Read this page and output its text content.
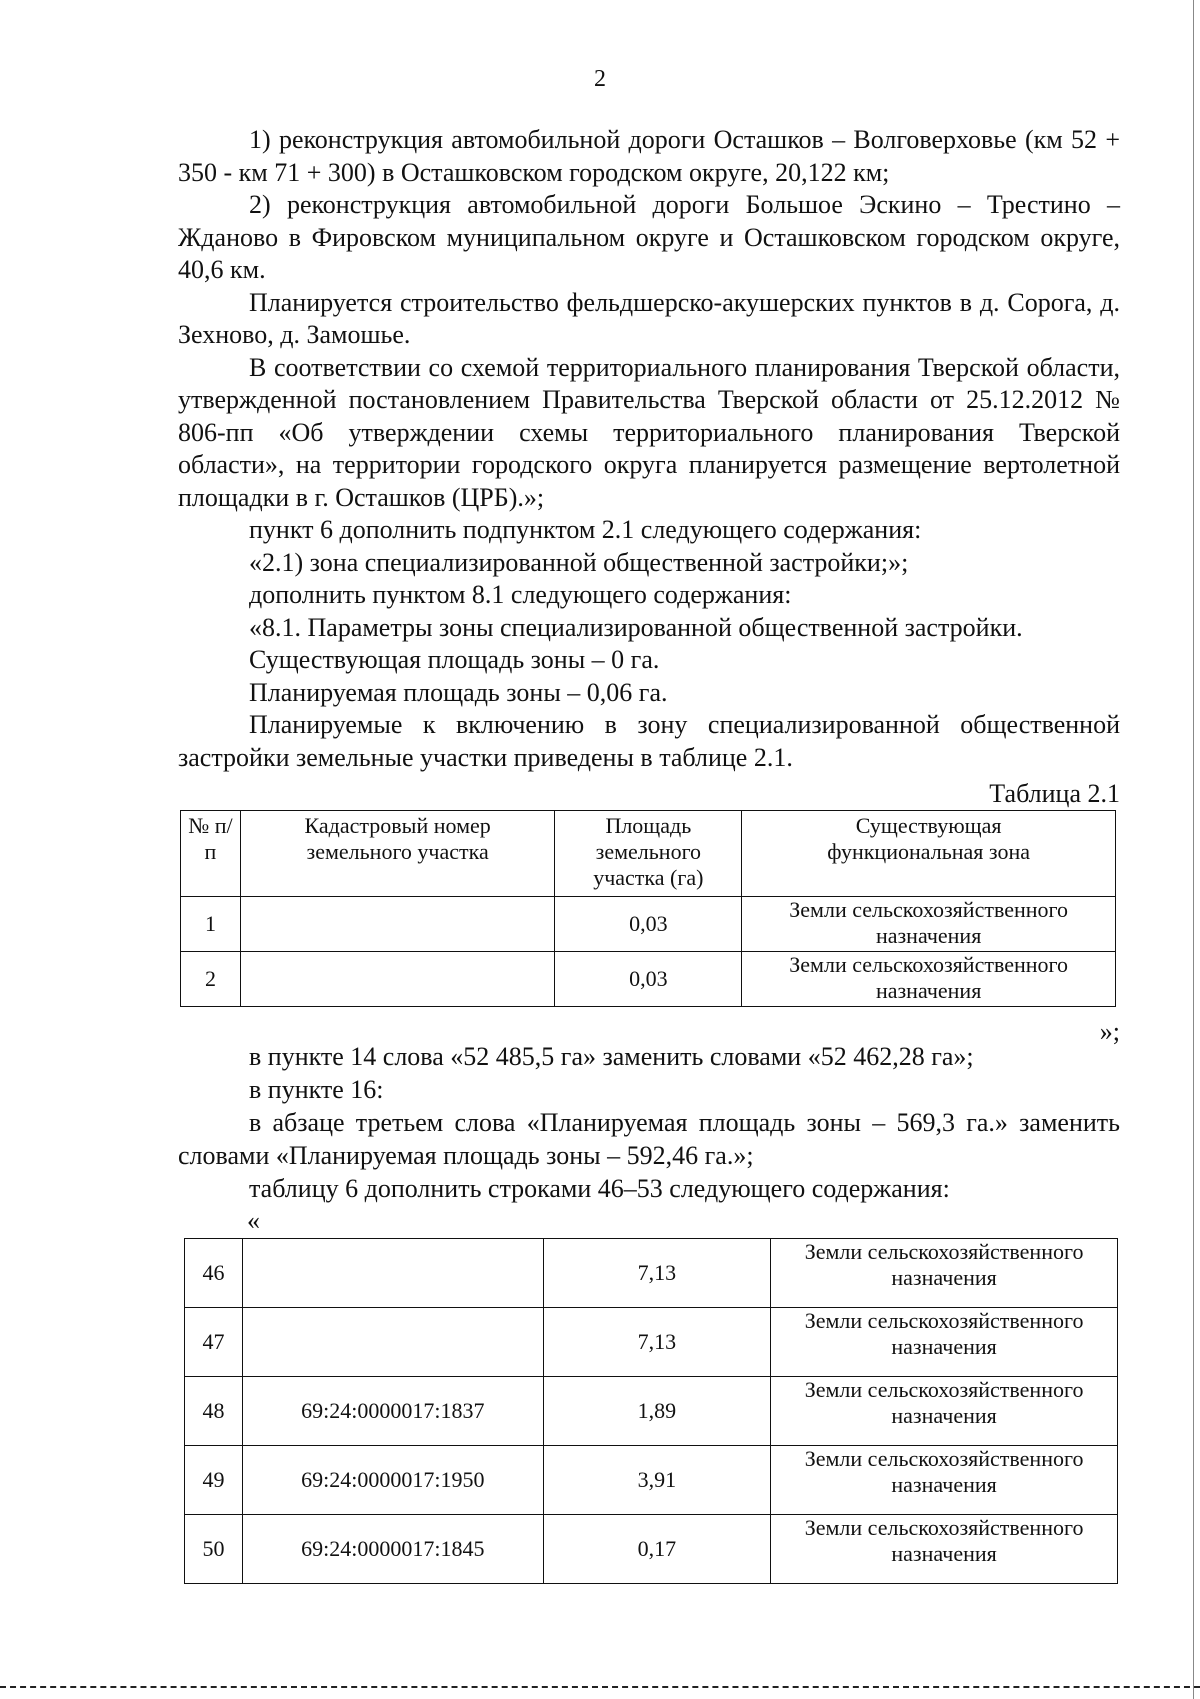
2

1) реконструкция автомобильной дороги Осташков – Волговерховье (км 52 + 350 - км 71 + 300) в Осташковском городском округе, 20,122 км;

2) реконструкция автомобильной дороги Большое Эскино – Трестино – Жданово в Фировском муниципальном округе и Осташковском городском округе, 40,6 км.

Планируется строительство фельдшерско-акушерских пунктов в д. Сорога, д. Зехново, д. Замошье.

В соответствии со схемой территориального планирования Тверской области, утвержденной постановлением Правительства Тверской области от 25.12.2012 № 806-пп «Об утверждении схемы территориального планирования Тверской области», на территории городского округа планируется размещение вертолетной площадки в г. Осташков (ЦРБ).»;

пункт 6 дополнить подпунктом 2.1 следующего содержания:

«2.1) зона специализированной общественной застройки;»;

дополнить пунктом 8.1 следующего содержания:

«8.1. Параметры зоны специализированной общественной застройки.

Существующая площадь зоны – 0 га.

Планируемая площадь зоны – 0,06 га.

Планируемые к включению в зону специализированной общественной застройки земельные участки приведены в таблице 2.1.

Таблица 2.1
№ п/п	Кадастровый номер земельного участка	Площадь земельного участка (га)	Существующая функциональная зона
1		0,03	Земли сельскохозяйственного назначения
2		0,03	Земли сельскохозяйственного назначения
»;

в пункте 14 слова «52 485,5 га» заменить словами «52 462,28 га»;

в пункте 16:

в абзаце третьем слова «Планируемая площадь зоны – 569,3 га.» заменить словами «Планируемая площадь зоны – 592,46 га.»;

таблицу 6 дополнить строками 46–53 следующего содержания:

«
46		7,13	Земли сельскохозяйственного назначения
47		7,13	Земли сельскохозяйственного назначения
48	69:24:0000017:1837	1,89	Земли сельскохозяйственного назначения
49	69:24:0000017:1950	3,91	Земли сельскохозяйственного назначения
50	69:24:0000017:1845	0,17	Земли сельскохозяйственного назначения
